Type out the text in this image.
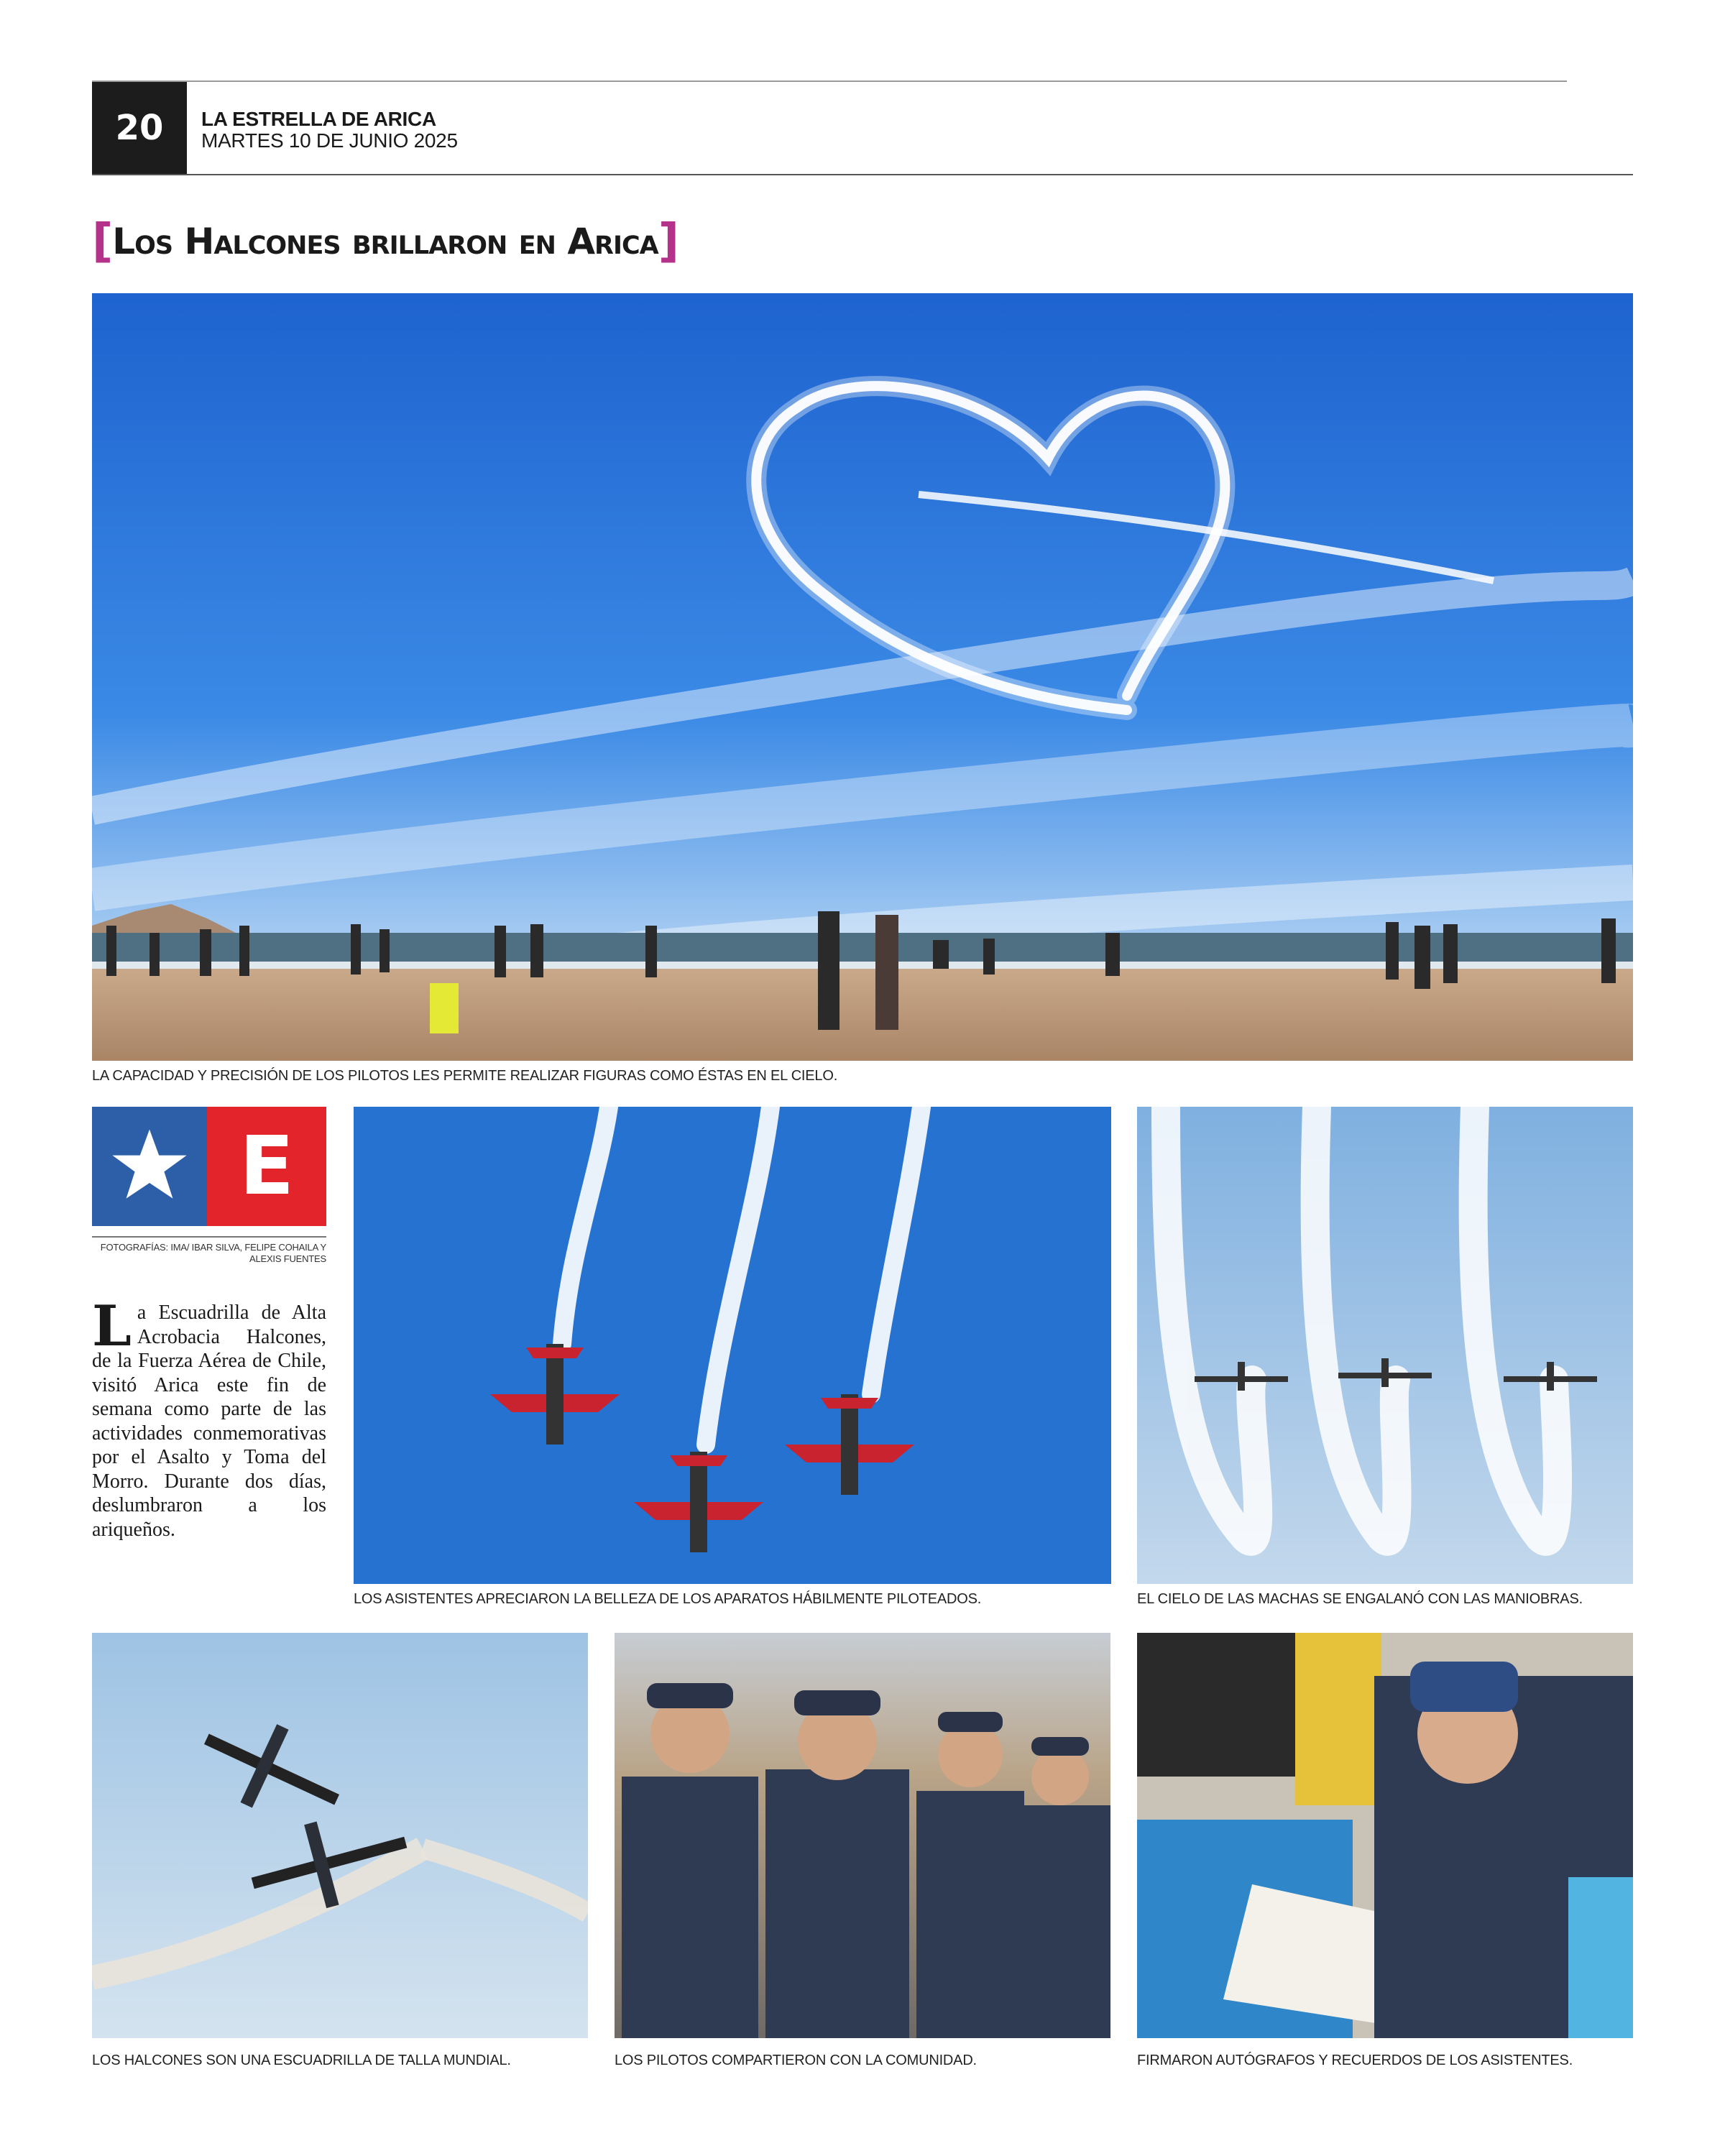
20	LA ESTRELLA DE ARICA
MARTES 10 DE JUNIO 2025
[ Los Halcones brillaron en Arica ]
LA CAPACIDAD Y PRECISIÓN DE LOS PILOTOS LES PERMITE REALIZAR FIGURAS COMO ÉSTAS EN EL CIELO.
E
FOTOGRAFÍAS: IMA/ IBAR SILVA, FELIPE COHAILA Y ALEXIS FUENTES
L a Escuadrilla de Alta Acrobacia Halcones, de la Fuerza Aérea de Chile, visitó Arica este fin de semana como parte de las actividades conmemorativas por el Asalto y Toma del Morro. Durante dos días, deslumbraron a los ariqueños.
LOS ASISTENTES APRECIARON LA BELLEZA DE LOS APARATOS HÁBILMENTE PILOTEADOS.	EL CIELO DE LAS MACHAS SE ENGALANÓ CON LAS MANIOBRAS.
LOS HALCONES SON UNA ESCUADRILLA DE TALLA MUNDIAL.	LOS PILOTOS COMPARTIERON CON LA COMUNIDAD.	FIRMARON AUTÓGRAFOS Y RECUERDOS DE LOS ASISTENTES.
